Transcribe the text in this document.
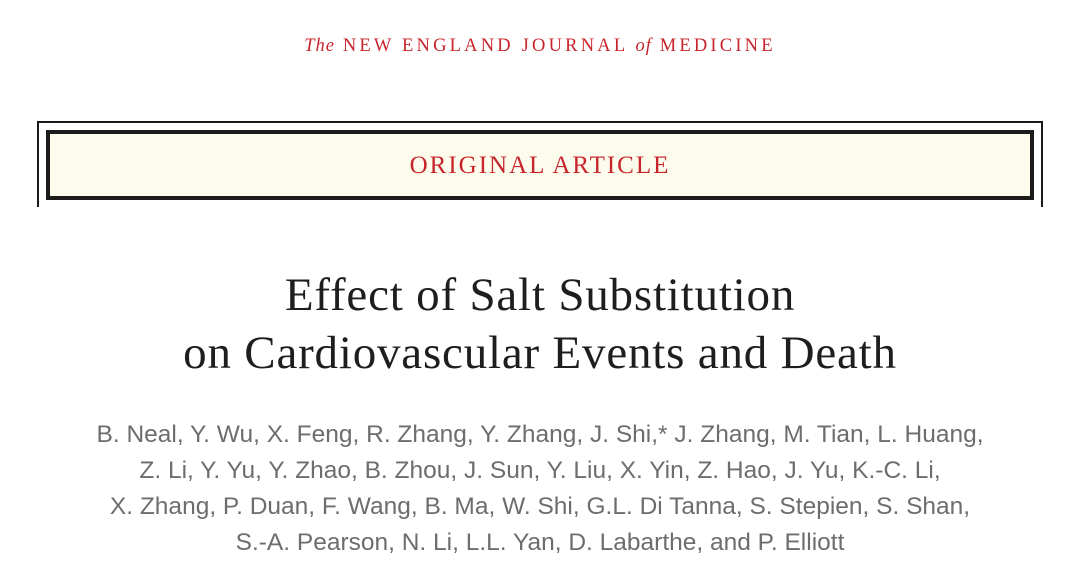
The NEW ENGLAND JOURNAL of MEDICINE
ORIGINAL ARTICLE
Effect of Salt Substitution
on Cardiovascular Events and Death
B. Neal, Y. Wu, X. Feng, R. Zhang, Y. Zhang, J. Shi,* J. Zhang, M. Tian, L. Huang,
Z. Li, Y. Yu, Y. Zhao, B. Zhou, J. Sun, Y. Liu, X. Yin, Z. Hao, J. Yu, K.-C. Li,
X. Zhang, P. Duan, F. Wang, B. Ma, W. Shi, G.L. Di Tanna, S. Stepien, S. Shan,
S.-A. Pearson, N. Li, L.L. Yan, D. Labarthe, and P. Elliott
